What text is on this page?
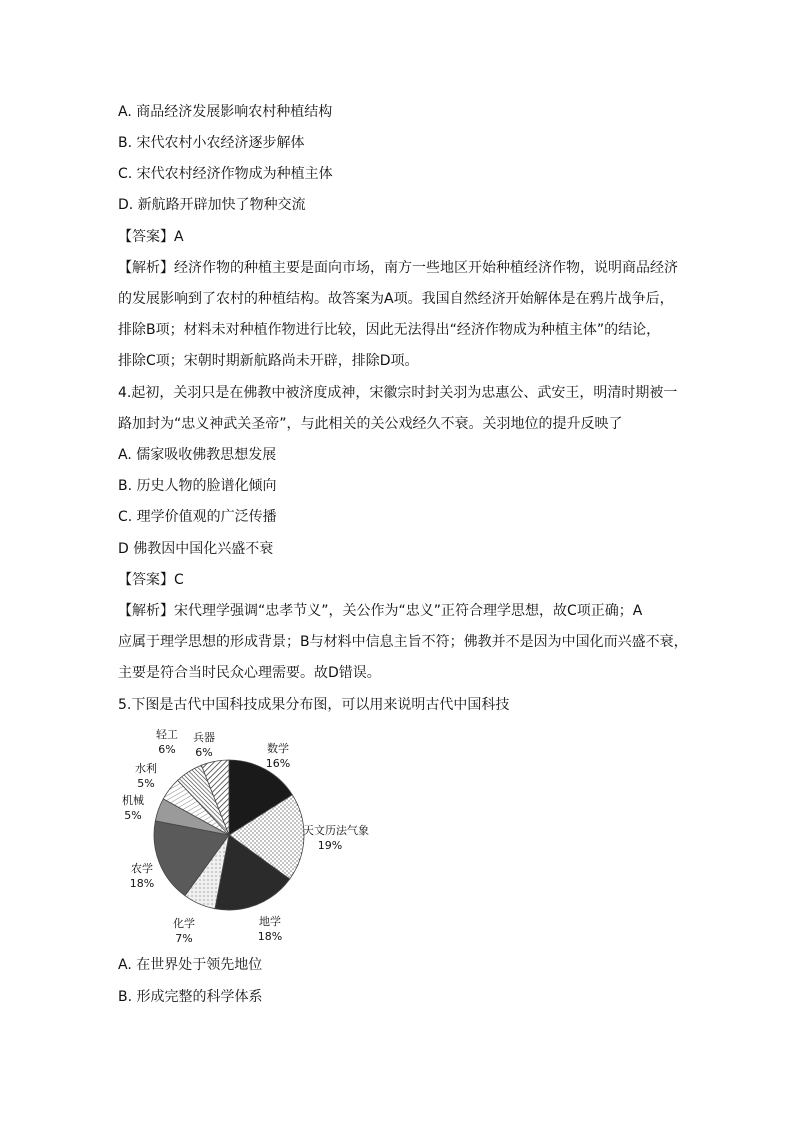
A. 商品经济发展影响农村种植结构
B. 宋代农村小农经济逐步解体
C. 宋代农村经济作物成为种植主体
D. 新航路开辟加快了物种交流
【答案】A
【解析】经济作物的种植主要是面向市场，南方一些地区开始种植经济作物，说明商品经济
的发展影响到了农村的种植结构。故答案为A项。我国自然经济开始解体是在鸦片战争后，
排除B项；材料未对种植作物进行比较，因此无法得出“经济作物成为种植主体”的结论，
排除C项；宋朝时期新航路尚未开辟，排除D项。
4.起初，关羽只是在佛教中被济度成神，宋徽宗时封关羽为忠惠公、武安王，明清时期被一
路加封为“忠义神武关圣帝”，与此相关的关公戏经久不衰。关羽地位的提升反映了
A. 儒家吸收佛教思想发展
B. 历史人物的脸谱化倾向
C. 理学价值观的广泛传播
D 佛教因中国化兴盛不衰
【答案】C
【解析】宋代理学强调“忠孝节义”，关公作为“忠义”正符合理学思想，故C项正确；A
应属于理学思想的形成背景；B与材料中信息主旨不符；佛教并不是因为中国化而兴盛不衰，
主要是符合当时民众心理需要。故D错误。
5.下图是古代中国科技成果分布图，可以用来说明古代中国科技
数学
16%
天文历法气象
19%
地学
18%
化学
7%
农学
18%
机械
5%
水利
5%
轻工
6%
兵器
6%
A. 在世界处于领先地位
B. 形成完整的科学体系
